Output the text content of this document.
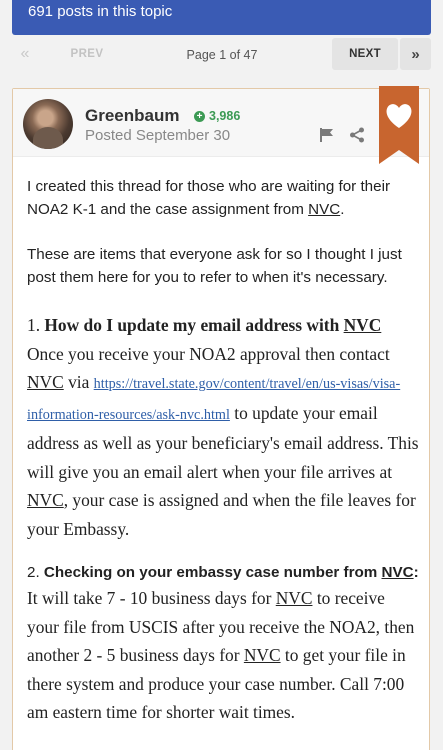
691 posts in this topic
«	PREV	Page 1 of 47	NEXT	»
Greenbaum + 3,986
Posted September 30
I created this thread for those who are waiting for their NOA2 K-1 and the case assignment from NVC.
These are items that everyone ask for so I thought I just post them here for you to refer to when it's necessary.
1. How do I update my email address with NVC
Once you receive your NOA2 approval then contact NVC via https://travel.state.gov/content/travel/en/us-visas/visa-information-resources/ask-nvc.html to update your email address as well as your beneficiary's email address. This will give you an email alert when your file arrives at NVC, your case is assigned and when the file leaves for your Embassy.
2. Checking on your embassy case number from NVC:
It will take 7 - 10 business days for NVC to receive your file from USCIS after you receive the NOA2, then another 2 - 5 business days for NVC to get your file in there system and produce your case number. Call 7:00 am eastern time for shorter wait times.
